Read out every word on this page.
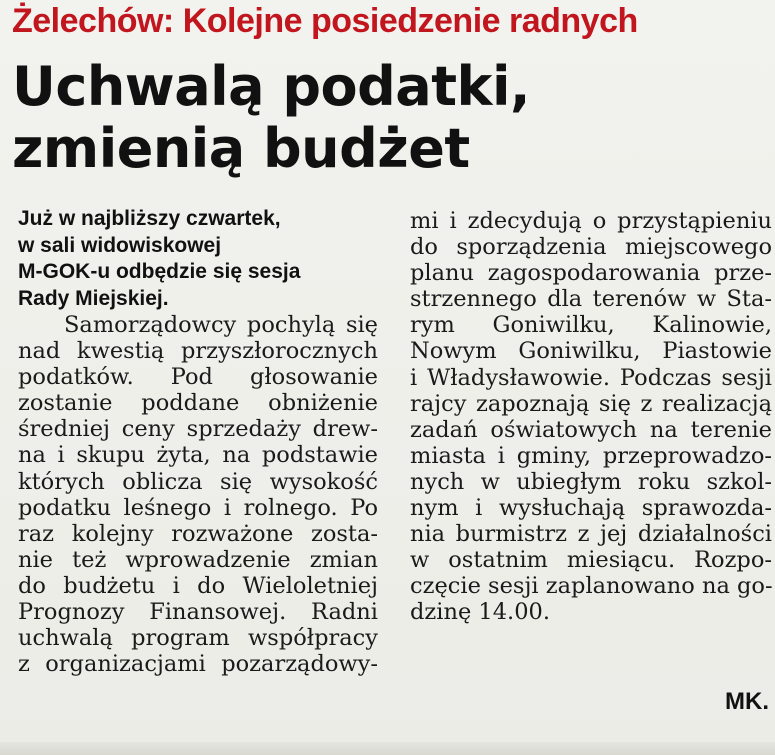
Żelechów: Kolejne posiedzenie radnych
Uchwalą podatki,
zmienią budżet
Już w najbliższy czwartek,
w sali widowiskowej
M-GOK-u odbędzie się sesja
Rady Miejskiej.
Samorządowcy pochylą się
nad kwestią przyszłorocznych
podatków. Pod głosowanie
zostanie poddane obniżenie
średniej ceny sprzedaży drew-
na i skupu żyta, na podstawie
których oblicza się wysokość
podatku leśnego i rolnego. Po
raz kolejny rozważone zosta-
nie też wprowadzenie zmian
do budżetu i do Wieloletniej
Prognozy Finansowej. Radni
uchwalą program współpracy
z organizacjami pozarządowy-
mi i zdecydują o przystąpieniu
do sporządzenia miejscowego
planu zagospodarowania prze-
strzennego dla terenów w Sta-
rym Goniwilku, Kalinowie,
Nowym Goniwilku, Piastowie
i Władysławowie. Podczas sesji
rajcy zapoznają się z realizacją
zadań oświatowych na terenie
miasta i gminy, przeprowadzo-
nych w ubiegłym roku szkol-
nym i wysłuchają sprawozda-
nia burmistrz z jej działalności
w ostatnim miesiącu. Rozpo-
częcie sesji zaplanowano na go-
dzinę 14.00.
MK.
